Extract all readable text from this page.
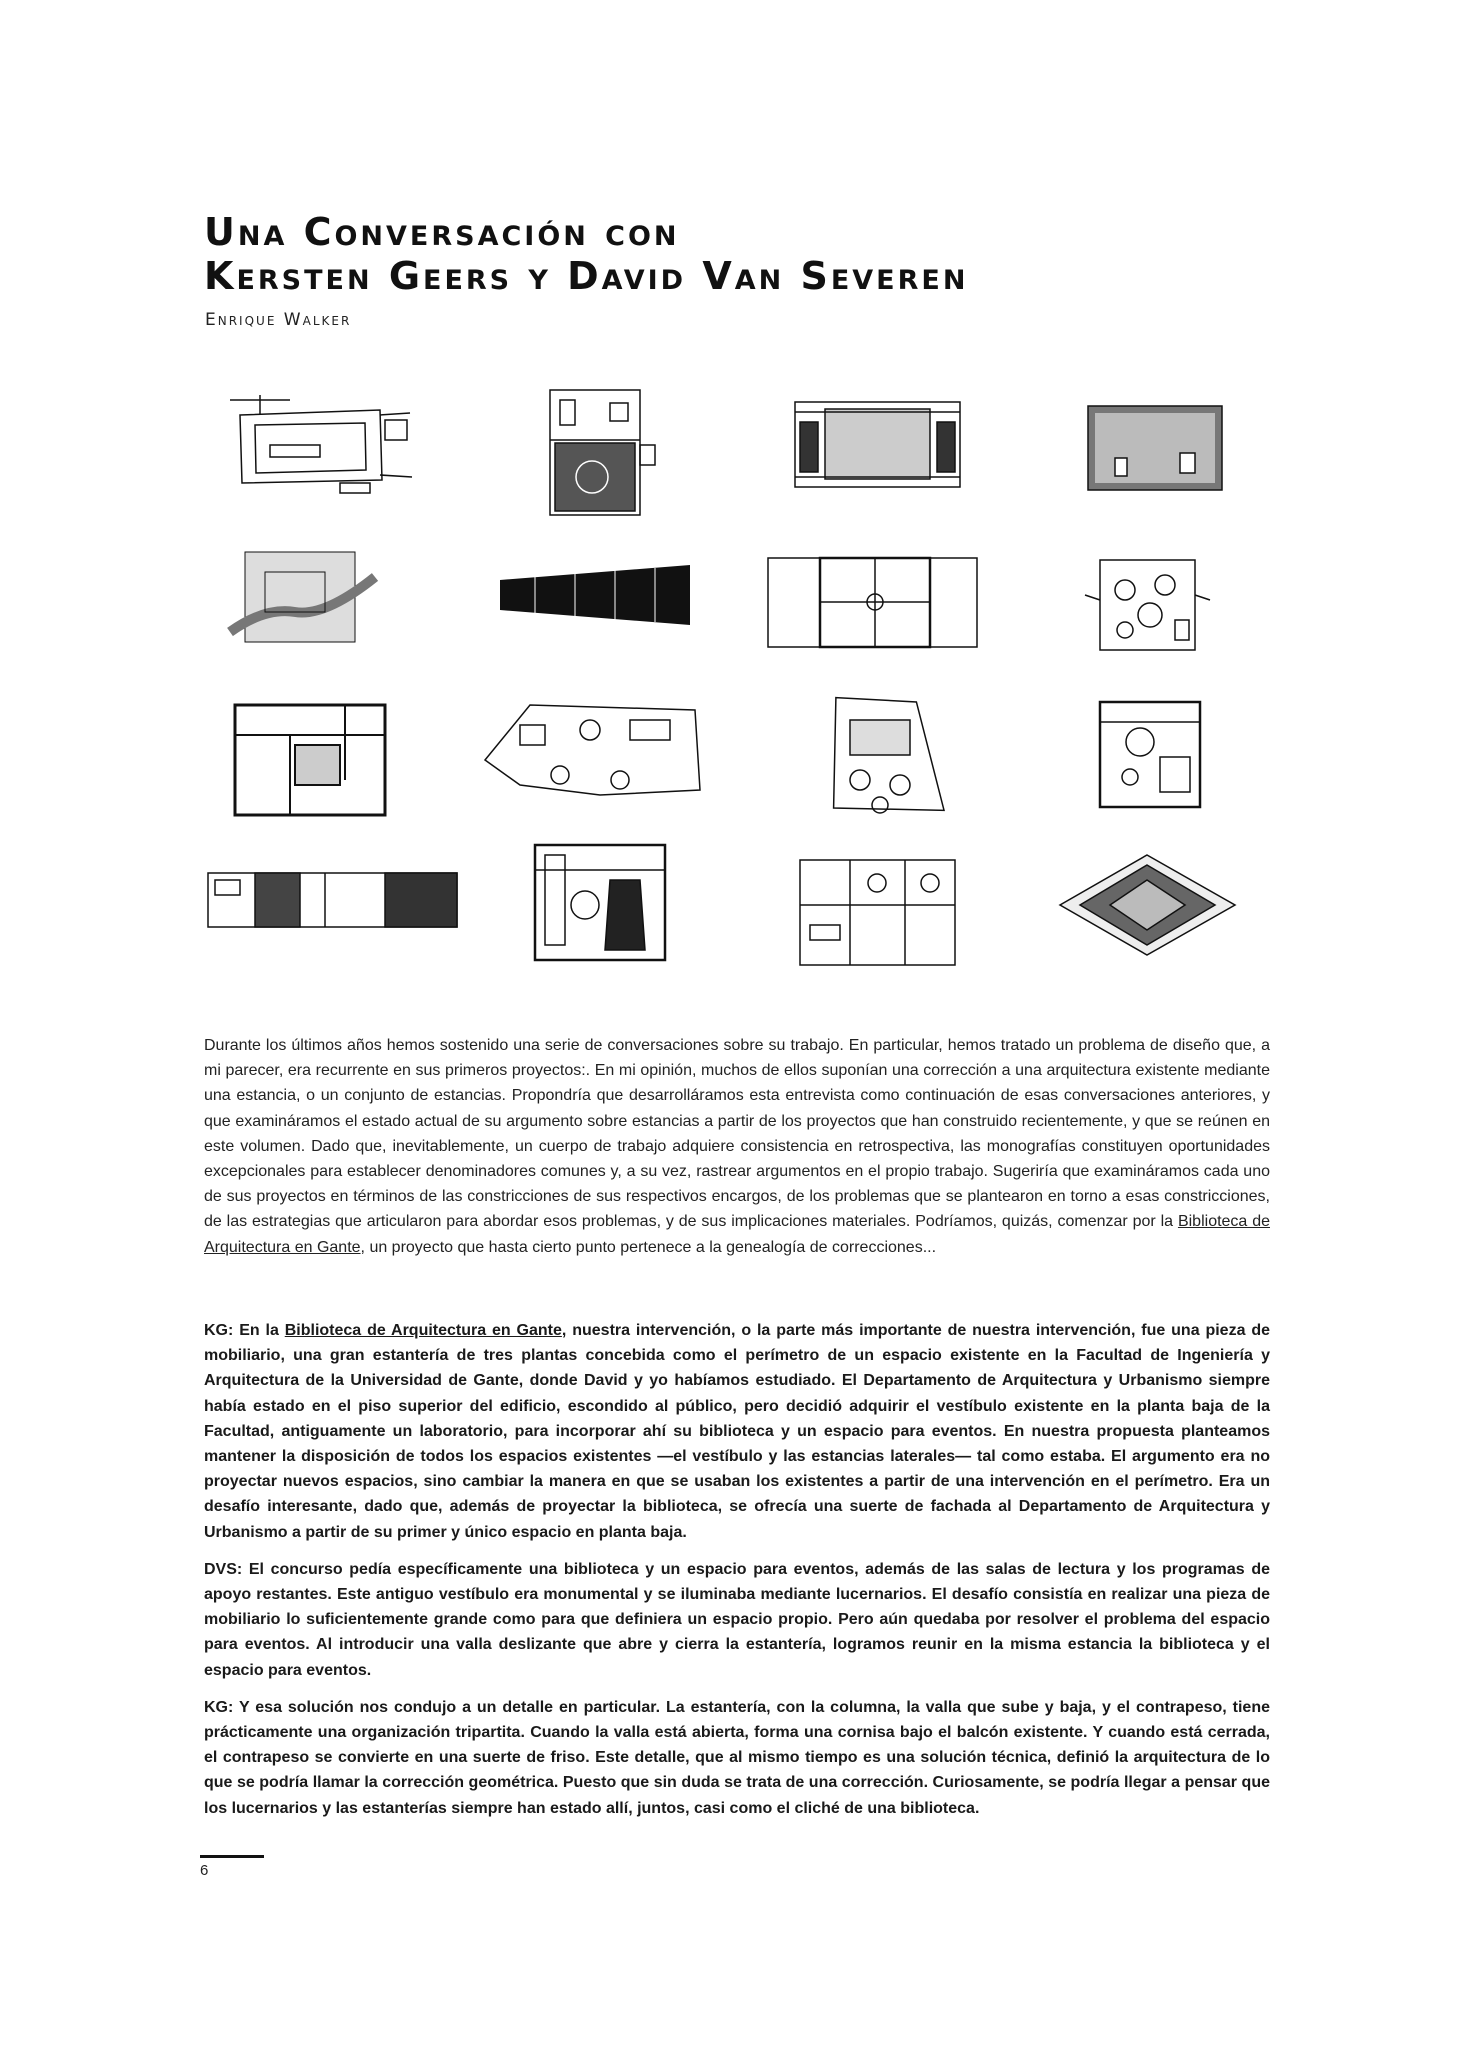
Una Conversación con
Kersten Geers y David Van Severen
Enrique Walker

Durante los últimos años hemos sostenido una serie de conversaciones sobre su trabajo. En particular, hemos tratado un problema de diseño que, a mi parecer, era recurrente en sus primeros proyectos:. En mi opinión, muchos de ellos suponían una corrección a una arquitectura existente mediante una estancia, o un conjunto de estancias. Propondría que desarrolláramos esta entrevista como continuación de esas conversaciones anteriores, y que examináramos el estado actual de su argumento sobre estancias a partir de los proyectos que han construido recientemente, y que se reúnen en este volumen. Dado que, inevitablemente, un cuerpo de trabajo adquiere consistencia en retrospectiva, las monografías constituyen oportunidades excepcionales para establecer denominadores comunes y, a su vez, rastrear argumentos en el propio trabajo. Sugeriría que examináramos cada uno de sus proyectos en términos de las constricciones de sus respectivos encargos, de los problemas que se plantearon en torno a esas constricciones, de las estrategias que articularon para abordar esos problemas, y de sus implicaciones materiales. Podríamos, quizás, comenzar por la Biblioteca de Arquitectura en Gante, un proyecto que hasta cierto punto pertenece a la genealogía de correcciones...

KG: En la Biblioteca de Arquitectura en Gante, nuestra intervención, o la parte más importante de nuestra intervención, fue una pieza de mobiliario, una gran estantería de tres plantas concebida como el perímetro de un espacio existente en la Facultad de Ingeniería y Arquitectura de la Universidad de Gante, donde David y yo habíamos estudiado. El Departamento de Arquitectura y Urbanismo siempre había estado en el piso superior del edificio, escondido al público, pero decidió adquirir el vestíbulo existente en la planta baja de la Facultad, antiguamente un laboratorio, para incorporar ahí su biblioteca y un espacio para eventos. En nuestra propuesta planteamos mantener la disposición de todos los espacios existentes —el vestíbulo y las estancias laterales— tal como estaba. El argumento era no proyectar nuevos espacios, sino cambiar la manera en que se usaban los existentes a partir de una intervención en el perímetro. Era un desafío interesante, dado que, además de proyectar la biblioteca, se ofrecía una suerte de fachada al Departamento de Arquitectura y Urbanismo a partir de su primer y único espacio en planta baja.

DVS: El concurso pedía específicamente una biblioteca y un espacio para eventos, además de las salas de lectura y los programas de apoyo restantes. Este antiguo vestíbulo era monumental y se iluminaba mediante lucernarios. El desafío consistía en realizar una pieza de mobiliario lo suficientemente grande como para que definiera un espacio propio. Pero aún quedaba por resolver el problema del espacio para eventos. Al introducir una valla deslizante que abre y cierra la estantería, logramos reunir en la misma estancia la biblioteca y el espacio para eventos.

KG: Y esa solución nos condujo a un detalle en particular. La estantería, con la columna, la valla que sube y baja, y el contrapeso, tiene prácticamente una organización tripartita. Cuando la valla está abierta, forma una cornisa bajo el balcón existente. Y cuando está cerrada, el contrapeso se convierte en una suerte de friso. Este detalle, que al mismo tiempo es una solución técnica, definió la arquitectura de lo que se podría llamar la corrección geométrica. Puesto que sin duda se trata de una corrección. Curiosamente, se podría llegar a pensar que los lucernarios y las estanterías siempre han estado allí, juntos, casi como el cliché de una biblioteca.

6
